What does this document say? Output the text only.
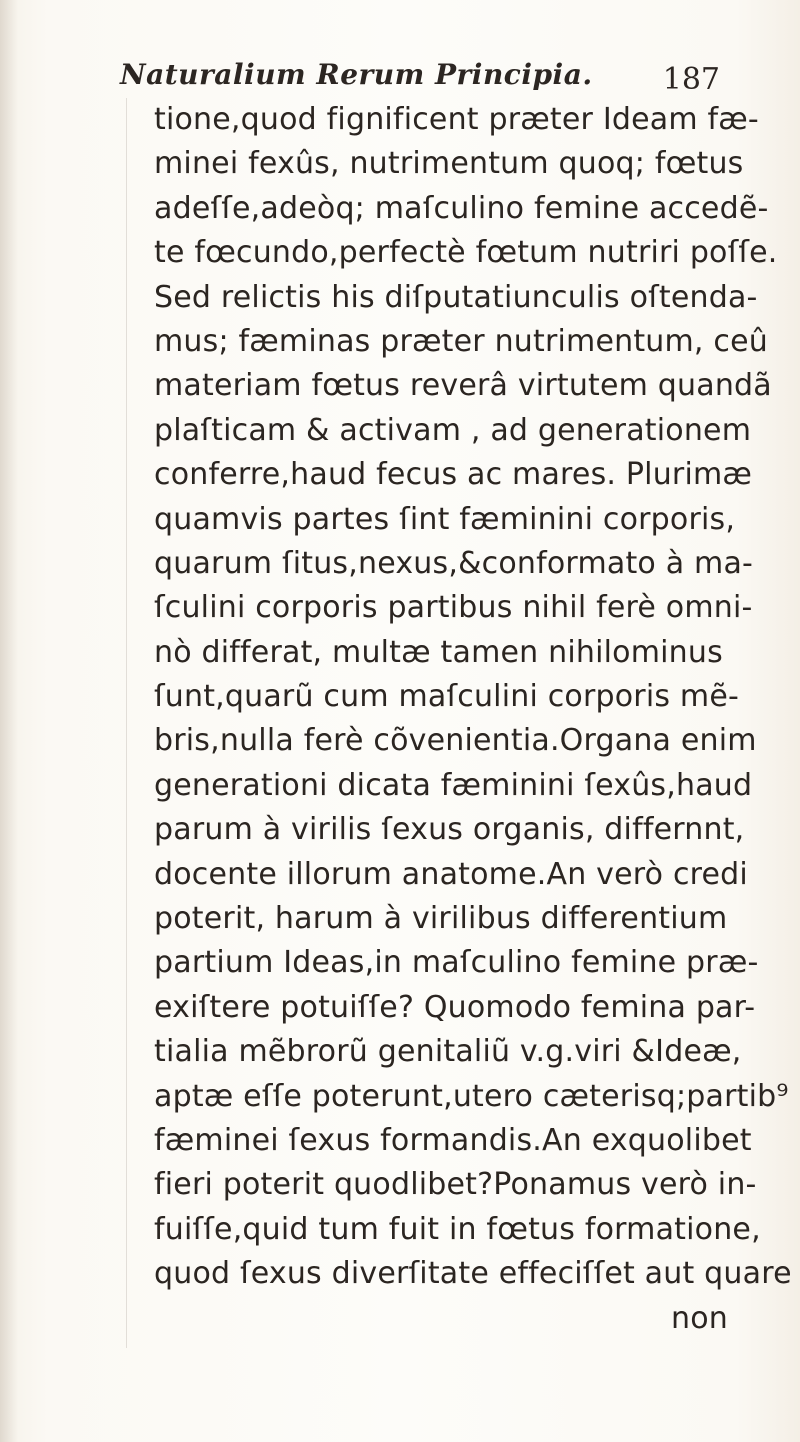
Naturalium Rerum Principia. 187
tione,quod fignificent præter Ideam fæ-
minei fexûs, nutrimentum quoq; fœtus
adeſſe,adeòq; maſculino femine accedẽ-
te fœcundo,perfectè fœtum nutriri poſſe.
Sed relictis his diſputatiunculis oſtenda-
mus; fæminas præter nutrimentum, ceû
materiam fœtus reverâ virtutem quandã
plaſticam & activam , ad generationem
conferre,haud fecus ac mares. Plurimæ
quamvis partes ſint fæminini corporis,
quarum ſitus,nexus,&conformato à ma-
ſculini corporis partibus nihil ferè omni-
nò differat, multæ tamen nihilominus
ſunt,quarũ cum maſculini corporis mẽ-
bris,nulla ferè cõvenientia.Organa enim
generationi dicata fæminini ſexûs,haud
parum à virilis ſexus organis, differnnt,
docente illorum anatome.An verò credi
poterit, harum à virilibus differentium
partium Ideas,in maſculino femine præ-
exiſtere potuiſſe? Quomodo femina par-
tialia mẽbrorũ genitaliũ v.g.viri &Ideæ,
aptæ eſſe poterunt,utero cæterisq;partib⁹
fæminei ſexus formandis.An exquolibet
fieri poterit quodlibet?Ponamus verò in-
fuiſſe,quid tum fuit in fœtus formatione,
quod ſexus diverſitate effeciſſet aut quare
non
